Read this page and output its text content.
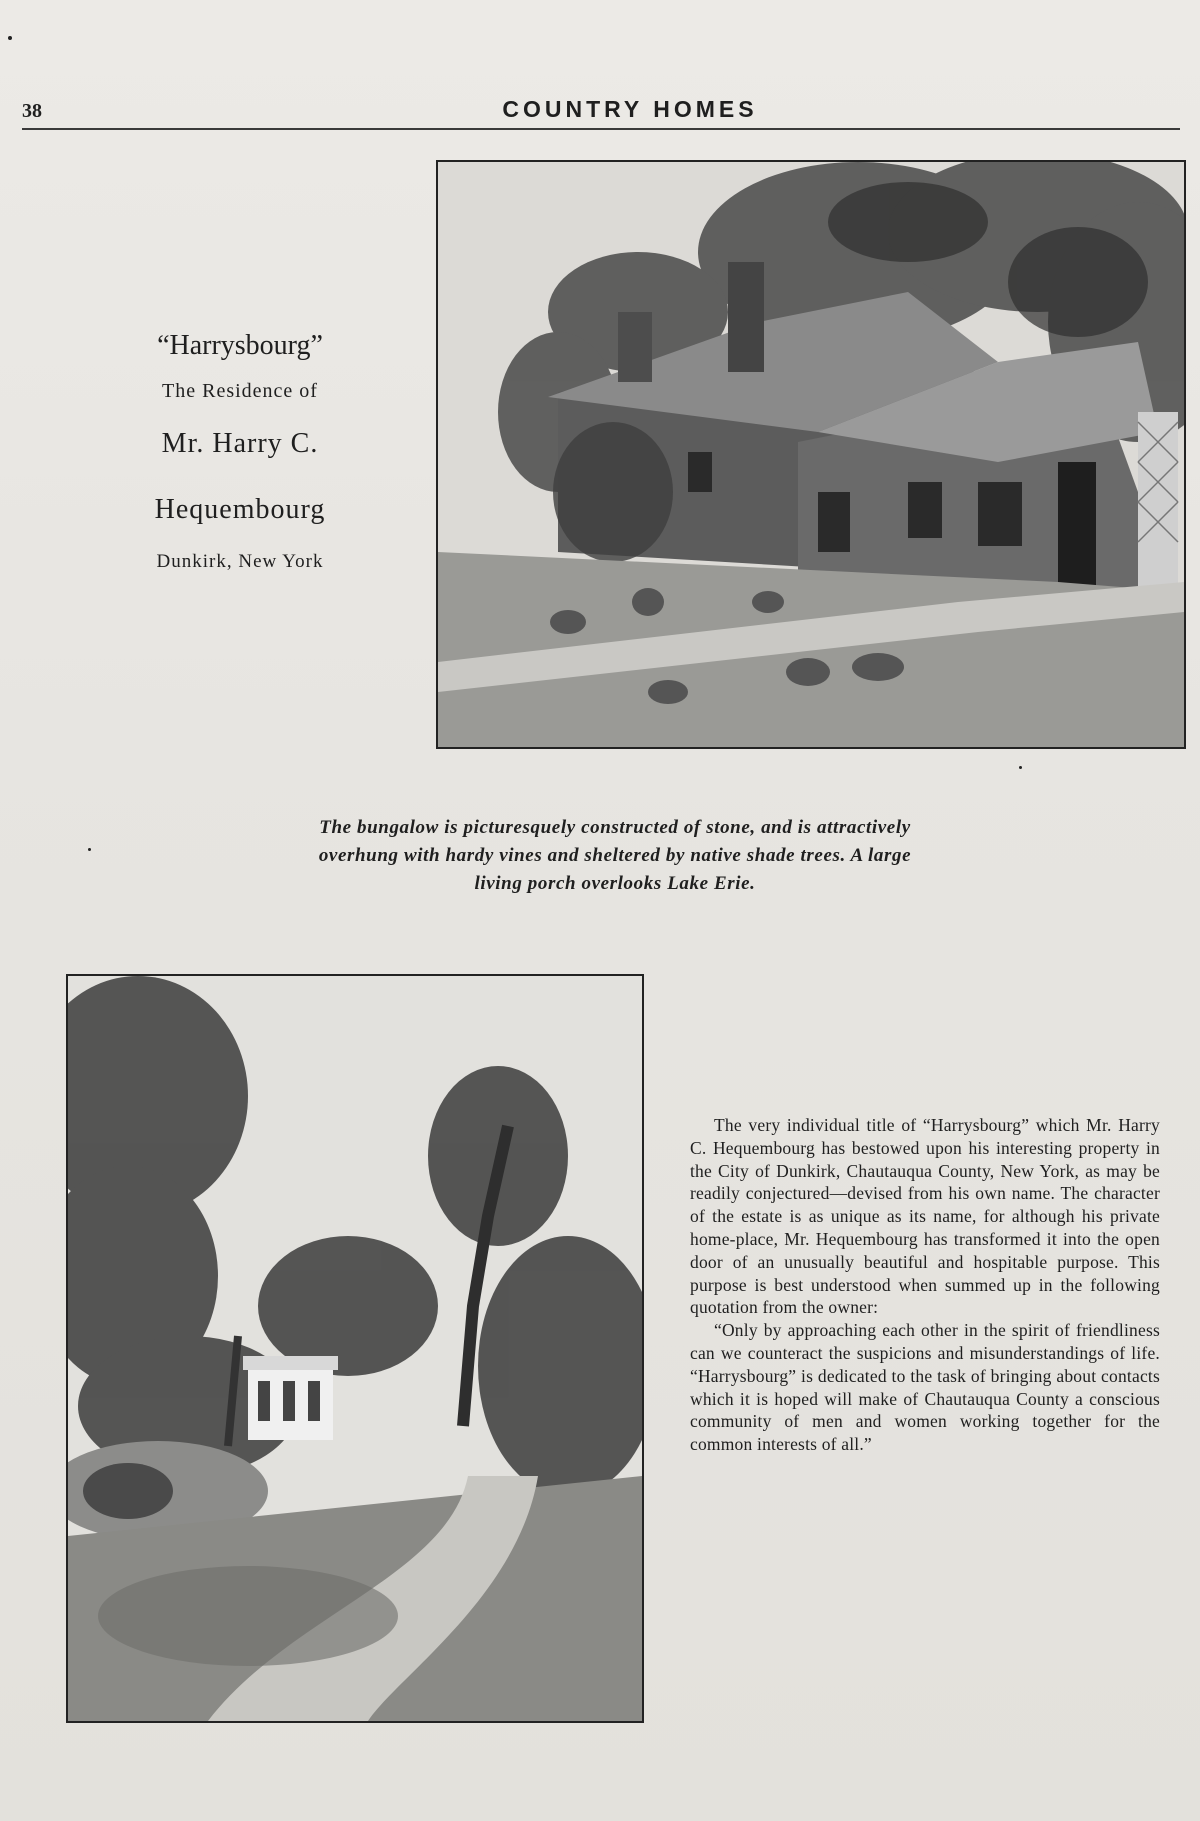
38	COUNTRY HOMES
“Harrysbourg”
The Residence of
Mr. Harry C.
Hequembourg
Dunkirk, New York
The bungalow is picturesquely constructed of stone, and is attractively
overhung with hardy vines and sheltered by native shade trees. A large
living porch overlooks Lake Erie.

The very individual title of “Harrysbourg” which Mr. Harry C. Hequembourg has bestowed upon his interesting property in the City of Dunkirk, Chautauqua County, New York, as may be readily conjectured—devised from his own name. The character of the estate is as unique as its name, for although his private home-place, Mr. Hequembourg has transformed it into the open door of an unusually beautiful and hospitable purpose. This purpose is best understood when summed up in the following quotation from the owner:

“Only by approaching each other in the spirit of friendliness can we counteract the suspicions and misunderstandings of life. “Harrysbourg” is dedicated to the task of bringing about contacts which it is hoped will make of Chautauqua County a conscious community of men and women working together for the common interests of all.”
